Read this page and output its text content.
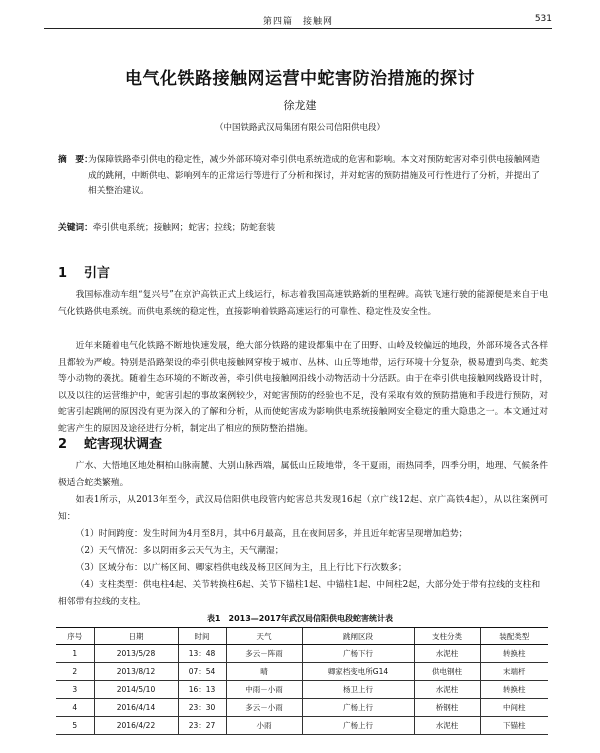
第四篇　接触网	531
电气化铁路接触网运营中蛇害防治措施的探讨
徐龙建
（中国铁路武汉局集团有限公司信阳供电段）
摘　要：
为保障铁路牵引供电的稳定性，减少外部环境对牵引供电系统造成的危害和影响。本文对预防蛇害对牵引供电接触网造成的跳闸，中断供电、影响列车的正常运行等进行了分析和探讨，并对蛇害的预防措施及可行性进行了分析，并提出了相关整治建议。
关键词：牵引供电系统；接触网；蛇害；拉线；防蛇套装
1 引言
我国标准动车组“复兴号”在京沪高铁正式上线运行，标志着我国高速铁路新的里程碑。高铁飞速行驶的能源便是来自于电气化铁路供电系统。而供电系统的稳定性，直接影响着铁路高速运行的可靠性、稳定性及安全性。
近年来随着电气化铁路不断地快速发展，绝大部分铁路的建设都集中在了田野、山岭及较偏远的地段，外部环境各式各样且都较为严峻。特别是沿路架设的牵引供电接触网穿梭于城市、丛林、山丘等地带，运行环境十分复杂，极易遭到鸟类、蛇类等小动物的袭扰。随着生态环境的不断改善，牵引供电接触网沿线小动物活动十分活跃。由于在牵引供电接触网线路设计时，以及以往的运营维护中，蛇害引起的事故案例较少，对蛇害预防的经验也不足，没有采取有效的预防措施和手段进行预防，对蛇害引起跳闸的原因没有更为深入的了解和分析，从而使蛇害成为影响供电系统接触网安全稳定的重大隐患之一。本文通过对蛇害产生的原因及途径进行分析，制定出了相应的预防整治措施。
2 蛇害现状调查
广水、大悟地区地处桐柏山脉南麓、大别山脉西端，属低山丘陵地带，冬干夏雨，雨热同季，四季分明，地理、气候条件极适合蛇类繁殖。
如表1所示，从2013年至今，武汉局信阳供电段管内蛇害总共发现16起（京广线12起、京广高铁4起），从以往案例可知：
（1）时间跨度：发生时间为4月至8月，其中6月最高，且在夜间居多，并且近年蛇害呈现增加趋势；
（2）天气情况：多以阴雨多云天气为主，天气潮湿；
（3）区域分布：以广杨区间、卿家档供电线及杨卫区间为主，且上行比下行次数多；
（4）支柱类型：供电柱4起、关节转换柱6起、关节下锚柱1起、中锚柱1起、中间柱2起，大部分处于带有拉线的支柱和相邻带有拉线的支柱。
表1　2013—2017年武汉局信阳供电段蛇害统计表
序号	日期	时间	天气	跳闸区段	支柱分类	装配类型
1	2013/5/28	13：48	多云－阵雨	广杨下行	水泥柱	转换柱
2	2013/8/12	07：54	晴	卿家档变电所G14	供电钢柱	末端杆
3	2014/5/10	16：13	中雨－小雨	杨卫上行	水泥柱	转换柱
4	2016/4/14	23：30	多云－小雨	广杨上行	桥钢柱	中间柱
5	2016/4/22	23：27	小雨	广杨上行	水泥柱	下锚柱
